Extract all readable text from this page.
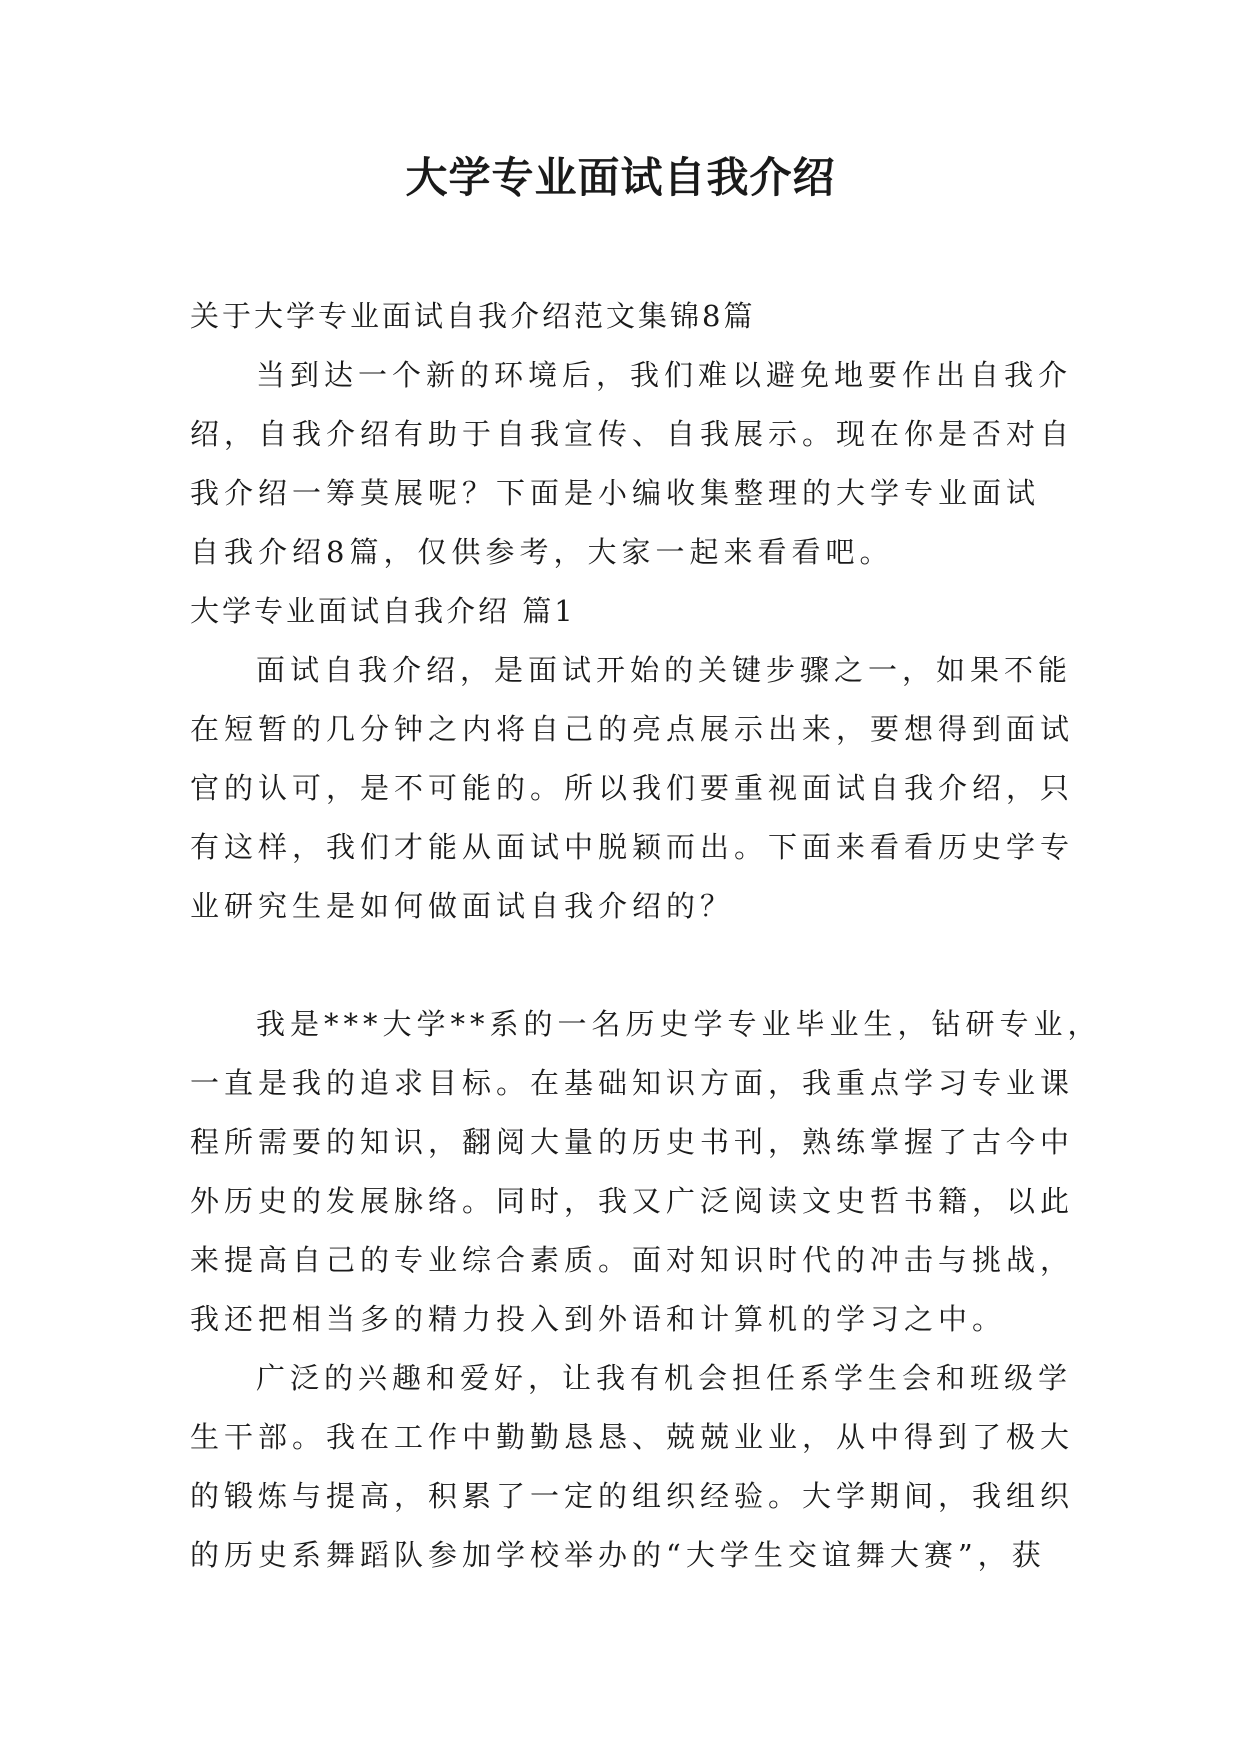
大学专业面试自我介绍
关于大学专业面试自我介绍范文集锦8篇
当到达一个新的环境后，我们难以避免地要作出自我介
绍，自我介绍有助于自我宣传、自我展示。现在你是否对自
我介绍一筹莫展呢？下面是小编收集整理的大学专业面试
自我介绍8篇，仅供参考，大家一起来看看吧。
大学专业面试自我介绍 篇1
面试自我介绍，是面试开始的关键步骤之一，如果不能
在短暂的几分钟之内将自己的亮点展示出来，要想得到面试
官的认可，是不可能的。所以我们要重视面试自我介绍，只
有这样，我们才能从面试中脱颖而出。下面来看看历史学专
业研究生是如何做面试自我介绍的？
我是***大学**系的一名历史学专业毕业生，钻研专业，
一直是我的追求目标。在基础知识方面，我重点学习专业课
程所需要的知识，翻阅大量的历史书刊，熟练掌握了古今中
外历史的发展脉络。同时，我又广泛阅读文史哲书籍，以此
来提高自己的专业综合素质。面对知识时代的冲击与挑战，
我还把相当多的精力投入到外语和计算机的学习之中。
广泛的兴趣和爱好，让我有机会担任系学生会和班级学
生干部。我在工作中勤勤恳恳、兢兢业业，从中得到了极大
的锻炼与提高，积累了一定的组织经验。大学期间，我组织
的历史系舞蹈队参加学校举办的“大学生交谊舞大赛”，获
